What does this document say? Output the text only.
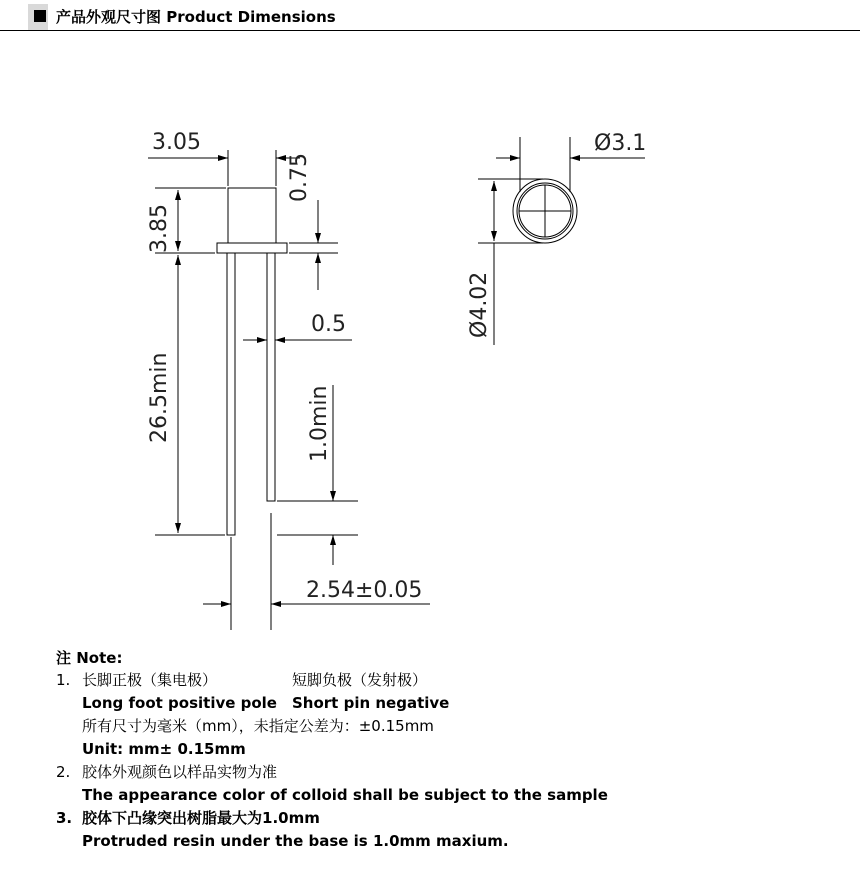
产品外观尺寸图 Product Dimensions
3.05
0.75
3.85
0.5
26.5min	1.0min
2.54±0.05
Ø3.1
Ø4.02
注 Note:
1. 长脚正极（集电极）	短脚负极（发射极）
Long foot positive pole Short pin negative
所有尺寸为毫米（mm），未指定公差为：±0.15mm
Unit: mm± 0.15mm
2. 胶体外观颜色以样品实物为准
The appearance color of colloid shall be subject to the sample
3. 胶体下凸缘突出树脂最大为1.0mm
Protruded resin under the base is 1.0mm maxium.
